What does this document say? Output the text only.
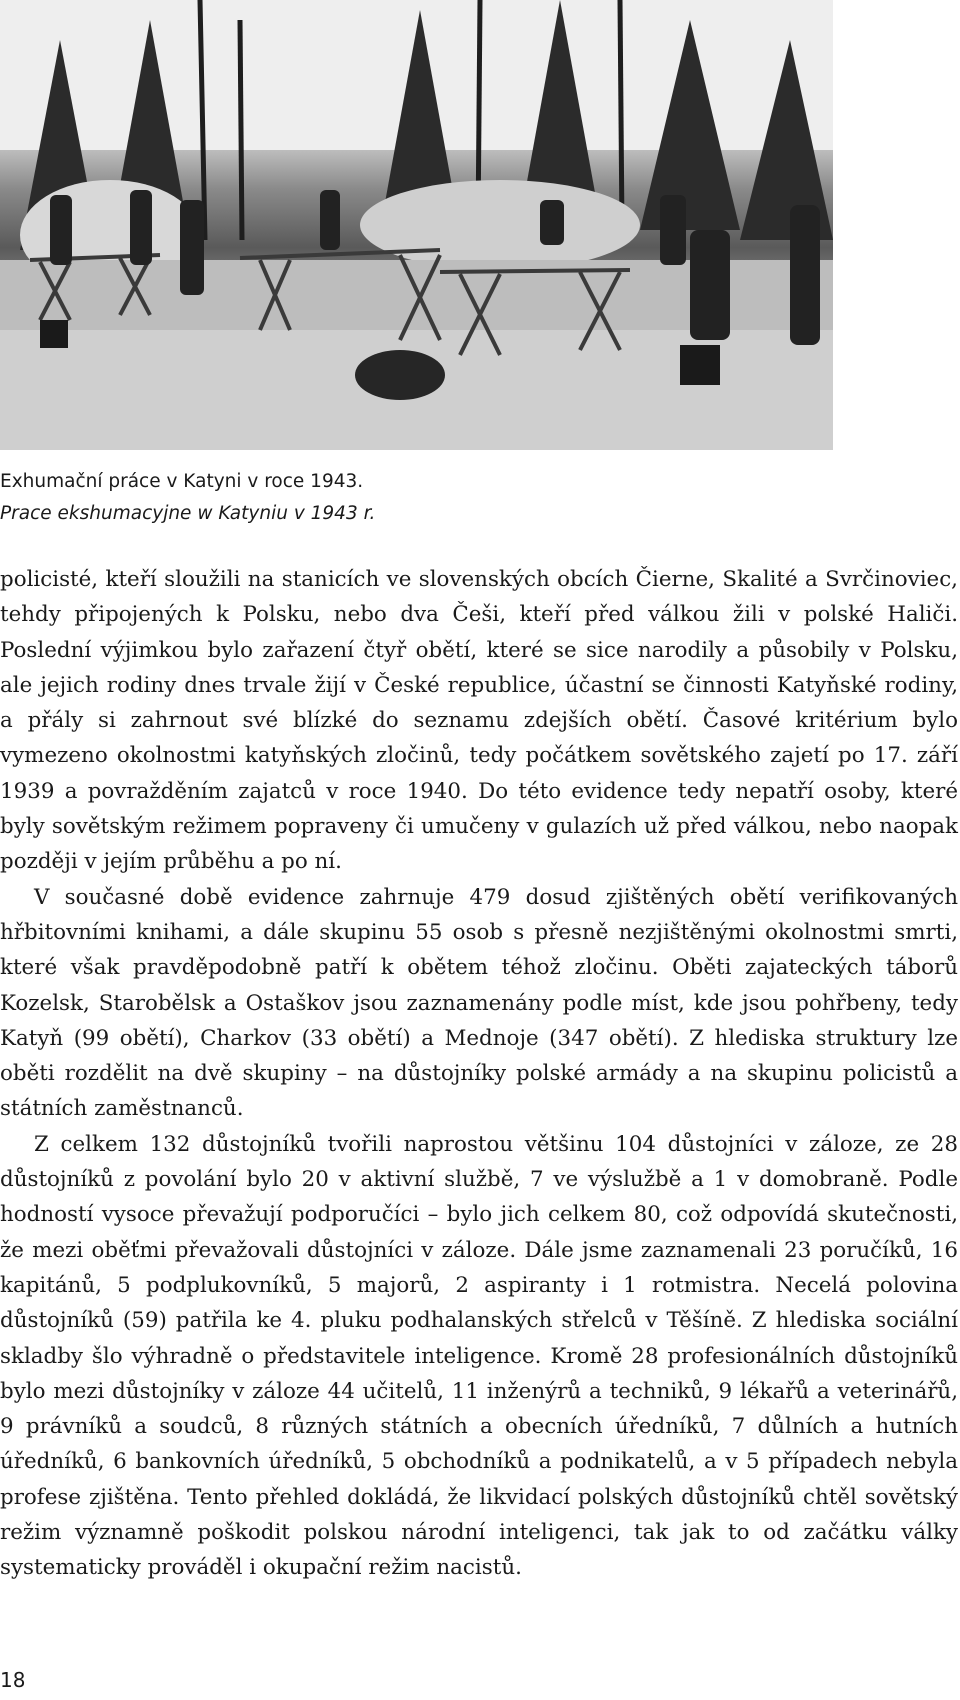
Exhumační práce v Katyni v roce 1943.

Prace ekshumacyjne w Katyniu v 1943 r.

policisté, kteří sloužili na stanicích ve slovenských obcích Čierne, Skalité a Svrčinoviec, tehdy připojených k Polsku, nebo dva Češi, kteří před válkou žili v polské Haliči. Poslední výjimkou bylo zařazení čtyř obětí, které se sice narodily a působily v Polsku, ale jejich rodiny dnes trvale žijí v České republice, účastní se činnosti Katyňské rodiny, a přály si zahrnout své blízké do seznamu zdejších obětí. Časové kritérium bylo vymezeno okolnostmi katyňských zločinů, tedy počátkem sovětského zajetí po 17. září 1939 a povražděním zajatců v roce 1940. Do této evidence tedy nepatří osoby, které byly sovětským režimem popraveny či umučeny v gulazích už před válkou, nebo naopak později v jejím průběhu a po ní.

V současné době evidence zahrnuje 479 dosud zjištěných obětí verifikovaných hřbitovními knihami, a dále skupinu 55 osob s přesně nezjištěnými okolnostmi smrti, které však pravděpodobně patří k obětem téhož zločinu. Oběti zajateckých táborů Kozelsk, Starobělsk a Ostaškov jsou zaznamenány podle míst, kde jsou pohřbeny, tedy Katyň (99 obětí), Charkov (33 obětí) a Mednoje (347 obětí). Z hlediska struktury lze oběti rozdělit na dvě skupiny – na důstojníky polské armády a na skupinu policistů a státních zaměstnanců.

Z celkem 132 důstojníků tvořili naprostou většinu 104 důstojníci v záloze, ze 28 důstojníků z povolání bylo 20 v aktivní službě, 7 ve výslužbě a 1 v domobraně. Podle hodností vysoce převažují podporučíci – bylo jich celkem 80, což odpovídá skutečnosti, že mezi oběťmi převažovali důstojníci v záloze. Dále jsme zaznamenali 23 poručíků, 16 kapitánů, 5 podplukovníků, 5 majorů, 2 aspiranty i 1 rotmistra. Necelá polovina důstojníků (59) patřila ke 4. pluku podhalanských střelců v Těšíně. Z hlediska sociální skladby šlo výhradně o představitele inteligence. Kromě 28 profesionálních důstojníků bylo mezi důstojníky v záloze 44 učitelů, 11 inženýrů a techniků, 9 lékařů a veterinářů, 9 právníků a soudců, 8 různých státních a obecních úředníků, 7 důlních a hutních úředníků, 6 bankovních úředníků, 5 obchodníků a podnikatelů, a v 5 případech nebyla profese zjištěna. Tento přehled dokládá, že likvidací polských důstojníků chtěl sovětský režim významně poškodit polskou národní inteligenci, tak jak to od začátku války systematicky prováděl i okupační režim nacistů.

18
